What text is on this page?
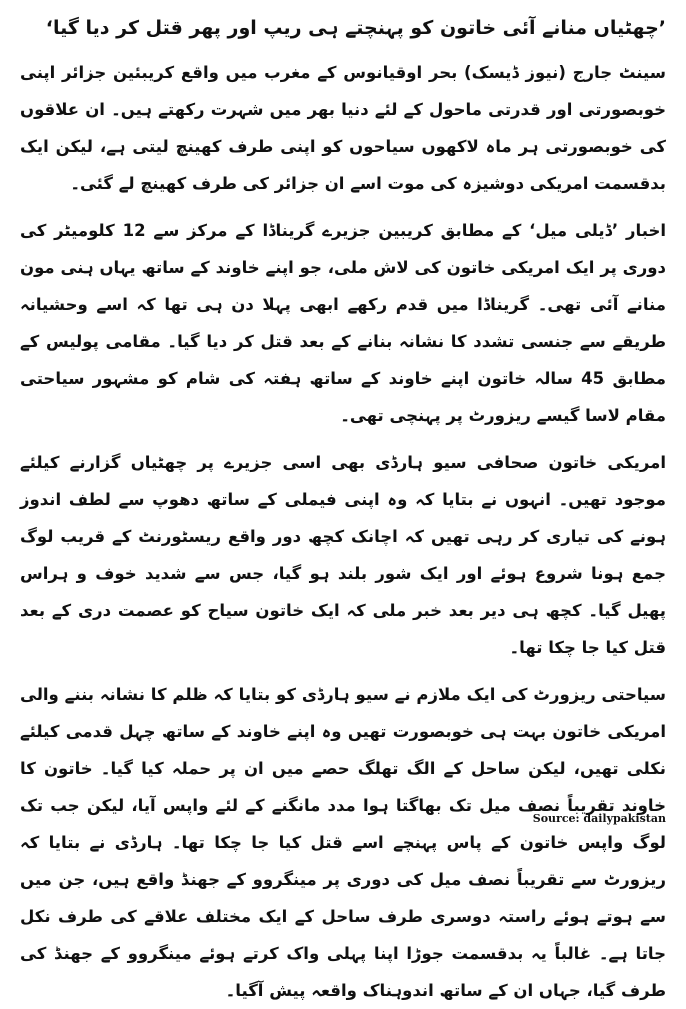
’چھٹیاں منانے آئی خاتون کو پہنچتے ہی ریپ اور پھر قتل کر دیا گیا‘
سینٹ جارج (نیوز ڈیسک) بحر اوقیانوس کے مغرب میں واقع کریبئین جزائر اپنی خوبصورتی اور قدرتی ماحول کے لئے دنیا بھر میں شہرت رکھتے ہیں۔ ان علاقوں کی خوبصورتی ہر ماہ لاکھوں سیاحوں کو اپنی طرف کھینچ لیتی ہے، لیکن ایک بدقسمت امریکی دوشیزہ کی موت اسے ان جزائر کی طرف کھینچ لے گئی۔
اخبار ’ڈیلی میل‘ کے مطابق کریبین جزیرے گریناڈا کے مرکز سے 12 کلومیٹر کی دوری پر ایک امریکی خاتون کی لاش ملی، جو اپنے خاوند کے ساتھ یہاں ہنی مون منانے آئی تھی۔ گریناڈا میں قدم رکھے ابھی پہلا دن ہی تھا کہ اسے وحشیانہ طریقے سے جنسی تشدد کا نشانہ بنانے کے بعد قتل کر دیا گیا۔ مقامی پولیس کے مطابق 45 سالہ خاتون اپنے خاوند کے ساتھ ہفتہ کی شام کو مشہور سیاحتی مقام لاسا گیسے ریزورٹ پر پہنچی تھی۔
امریکی خاتون صحافی سیو ہارڈی بھی اسی جزیرے پر چھٹیاں گزارنے کیلئے موجود تھیں۔ انہوں نے بتایا کہ وہ اپنی فیملی کے ساتھ دھوپ سے لطف اندوز ہونے کی تیاری کر رہی تھیں کہ اچانک کچھ دور واقع ریسٹورنٹ کے قریب لوگ جمع ہونا شروع ہوئے اور ایک شور بلند ہو گیا، جس سے شدید خوف و ہراس پھیل گیا۔ کچھ ہی دیر بعد خبر ملی کہ ایک خاتون سیاح کو عصمت دری کے بعد قتل کیا جا چکا تھا۔
سیاحتی ریزورٹ کی ایک ملازم نے سیو ہارڈی کو بتایا کہ ظلم کا نشانہ بننے والی امریکی خاتون بہت ہی خوبصورت تھیں وہ اپنے خاوند کے ساتھ چہل قدمی کیلئے نکلی تھیں، لیکن ساحل کے الگ تھلگ حصے میں ان پر حملہ کیا گیا۔ خاتون کا خاوند تقریباً نصف میل تک بھاگتا ہوا مدد مانگنے کے لئے واپس آیا، لیکن جب تک لوگ واپس خاتون کے پاس پہنچے اسے قتل کیا جا چکا تھا۔ ہارڈی نے بتایا کہ ریزورٹ سے تقریباً نصف میل کی دوری پر مینگروو کے جھنڈ واقع ہیں، جن میں سے ہوتے ہوئے راستہ دوسری طرف ساحل کے ایک مختلف علاقے کی طرف نکل جاتا ہے۔ غالباً یہ بدقسمت جوڑا اپنا پہلی واک کرتے ہوئے مینگروو کے جھنڈ کی طرف گیا، جہاں ان کے ساتھ اندوہناک واقعہ پیش آگیا۔
Source: dailypakistan
